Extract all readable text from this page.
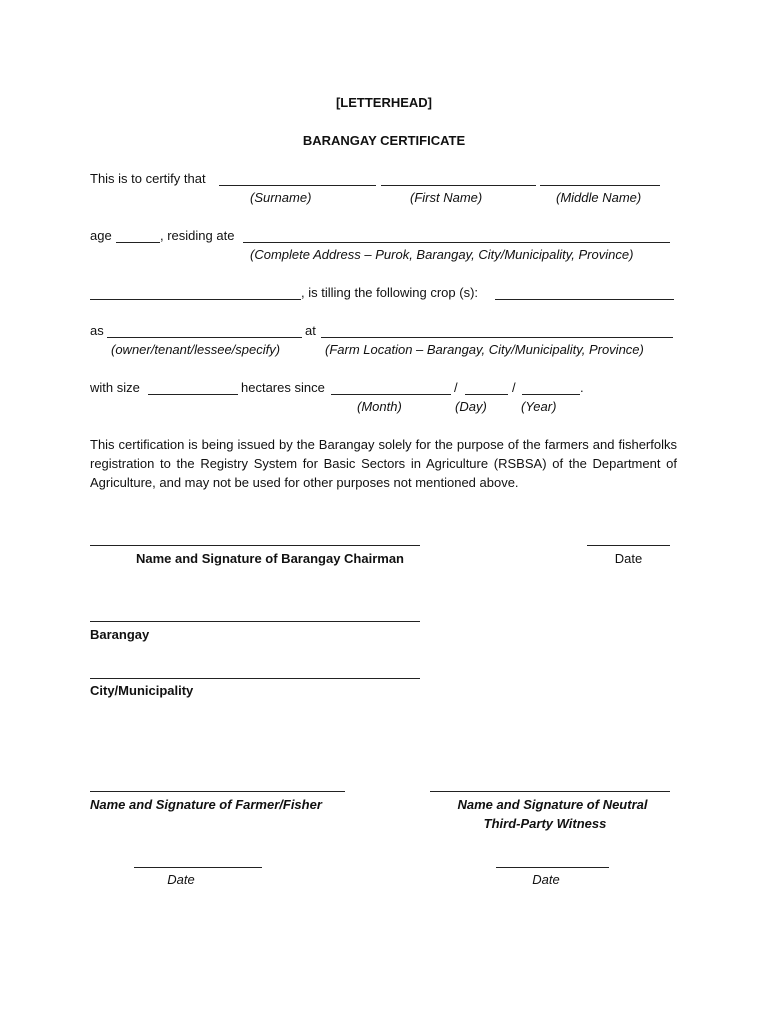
[LETTERHEAD]
BARANGAY CERTIFICATE
This is to certify that
(Surname)	(First Name)	(Middle Name)
age	, residing ate
(Complete Address – Purok, Barangay, City/Municipality, Province)
, is tilling the following crop (s):
as	at
(owner/tenant/lessee/specify)	(Farm Location – Barangay, City/Municipality, Province)
with size	hectares since	/	/	.
(Month)	(Day)	(Year)
This certification is being issued by the Barangay solely for the purpose of the farmers and fisherfolks registration to the Registry System for Basic Sectors in Agriculture (RSBSA) of the Department of Agriculture, and may not be used for other purposes not mentioned above.
Name and Signature of Barangay Chairman	Date
Barangay
City/Municipality
Name and Signature of Farmer/Fisher	Name and Signature of Neutral
Third-Party Witness
Date	Date
